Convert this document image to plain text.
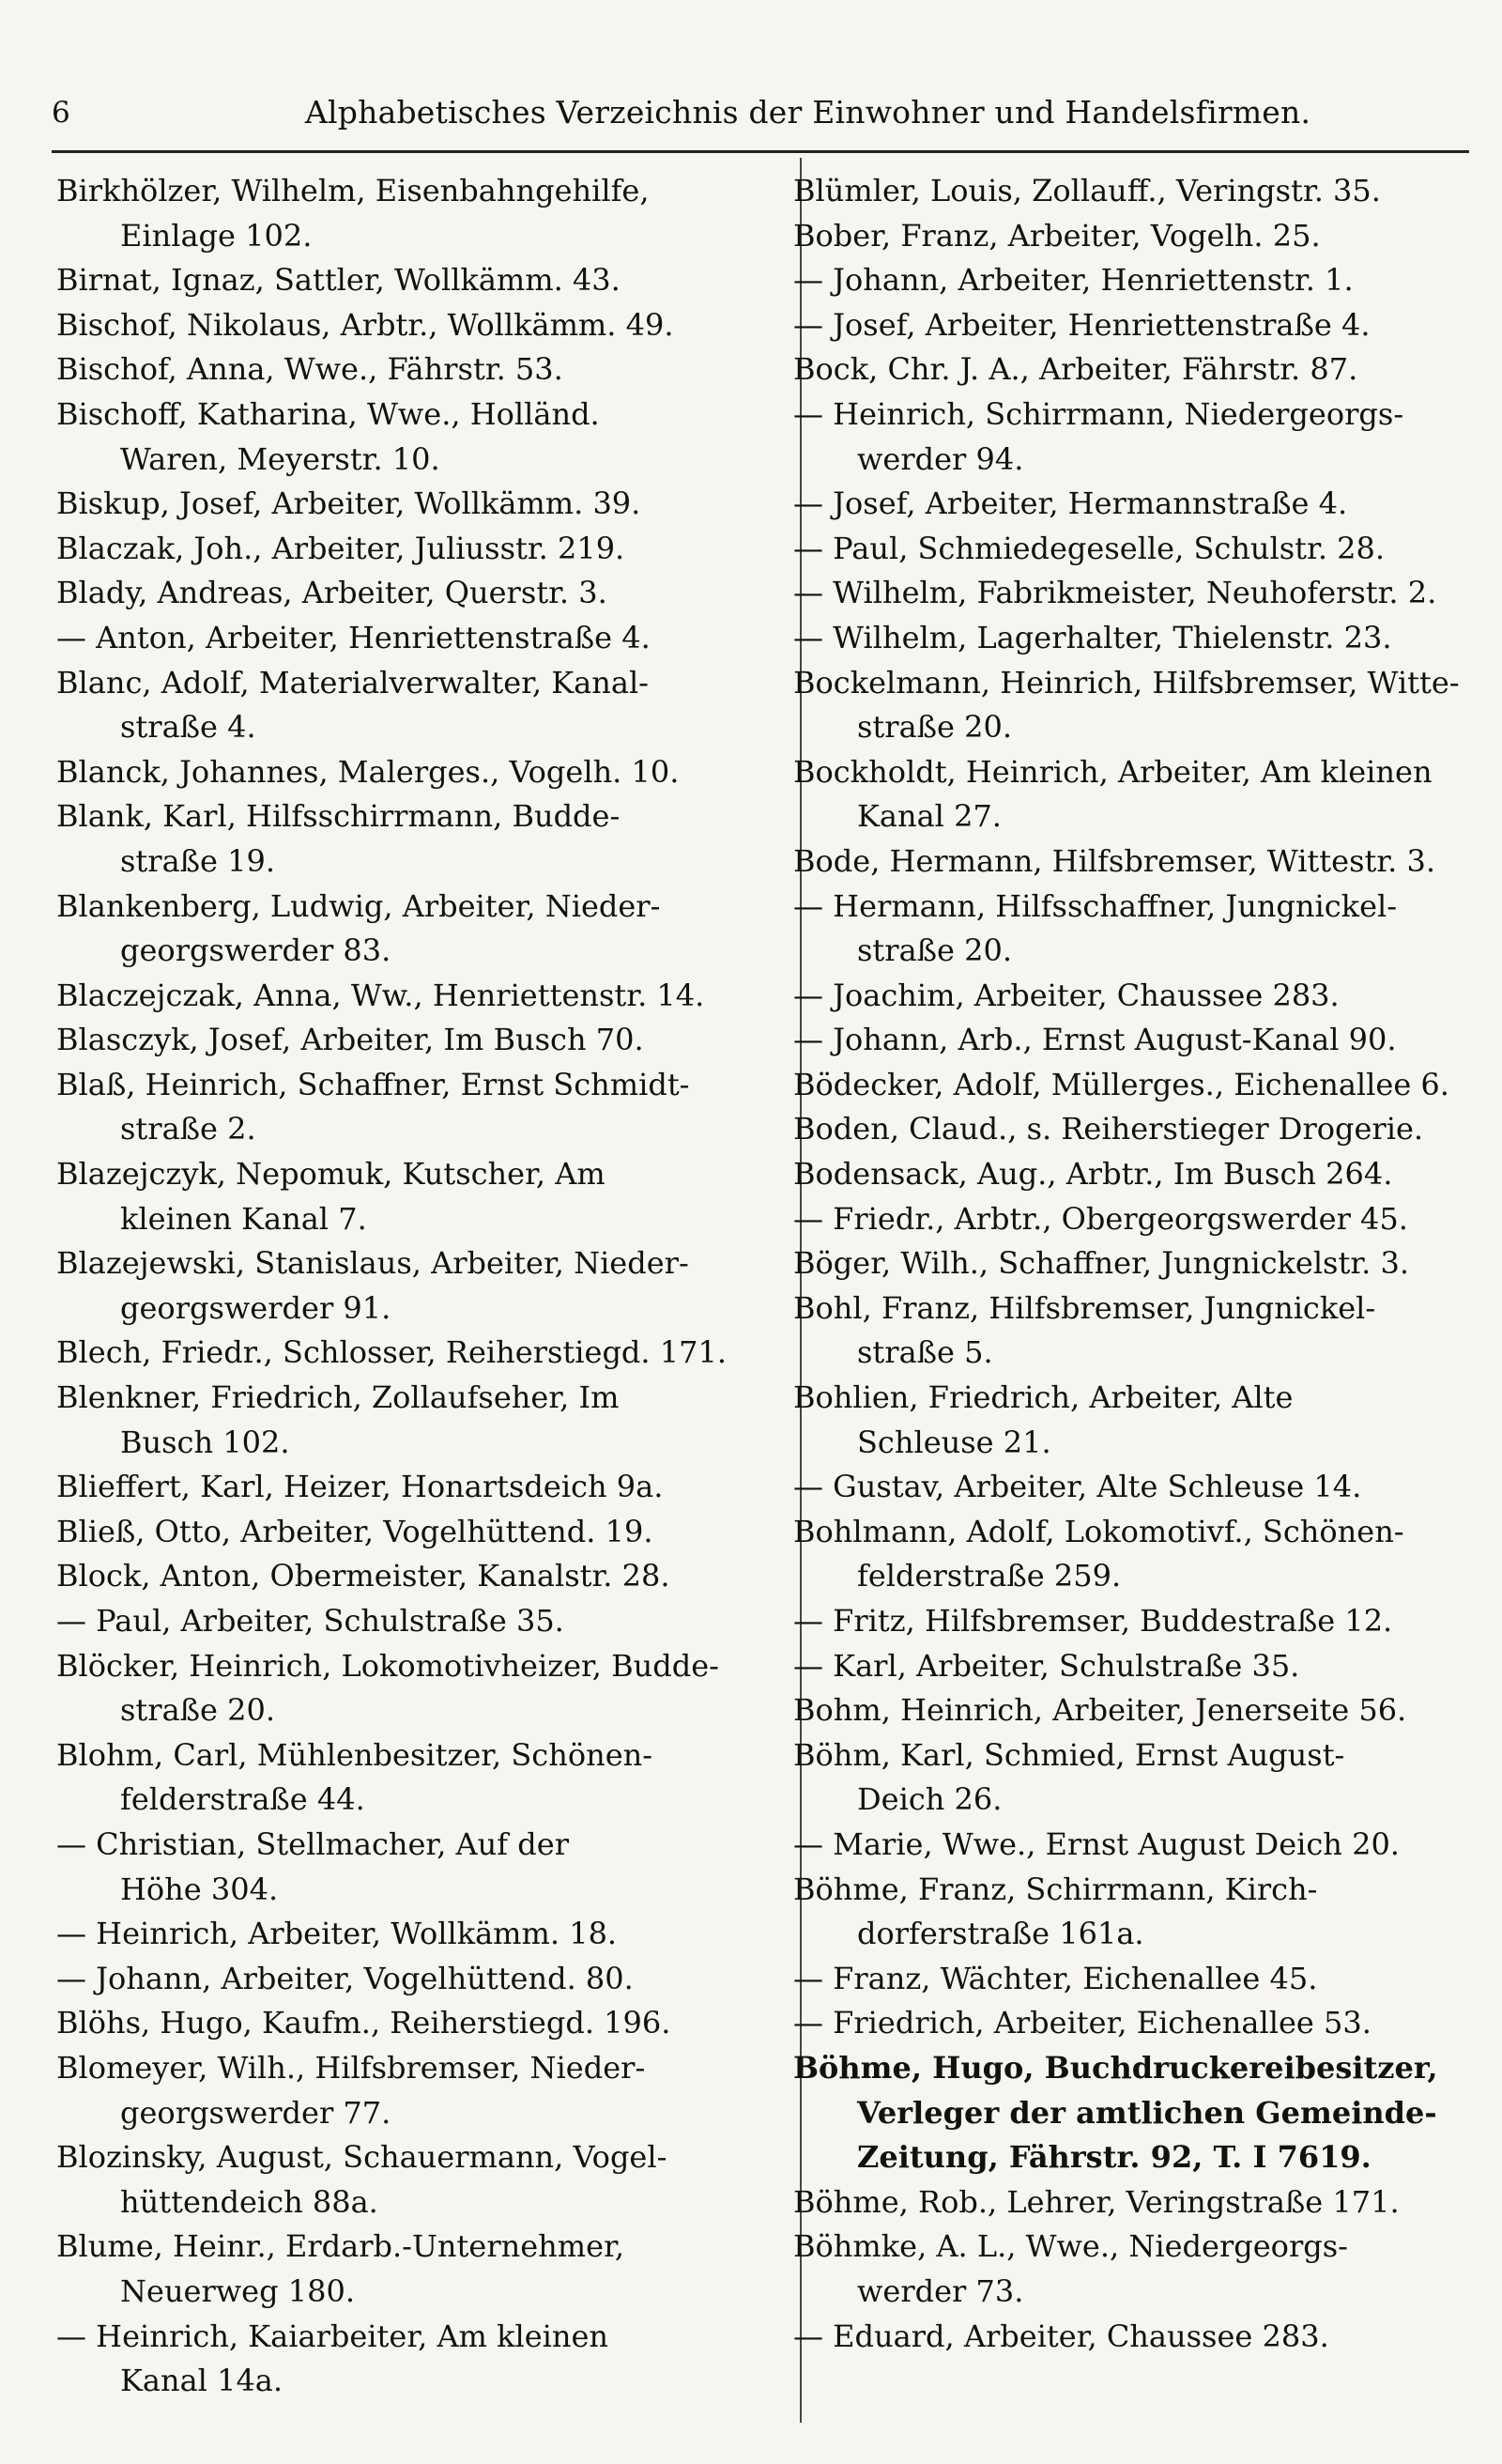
6	Alphabetisches Verzeichnis der Einwohner und Handelsfirmen.

Birkhölzer, Wilhelm, Eisenbahngehilfe,

Einlage 102.

Birnat, Ignaz, Sattler, Wollkämm. 43.

Bischof, Nikolaus, Arbtr., Wollkämm. 49.

Bischof, Anna, Wwe., Fährstr. 53.

Bischoff, Katharina, Wwe., Holländ.

Waren, Meyerstr. 10.

Biskup, Josef, Arbeiter, Wollkämm. 39.

Blaczak, Joh., Arbeiter, Juliusstr. 219.

Blady, Andreas, Arbeiter, Querstr. 3.

— Anton, Arbeiter, Henriettenstraße 4.

Blanc, Adolf, Materialverwalter, Kanal-

straße 4.

Blanck, Johannes, Malerges., Vogelh. 10.

Blank, Karl, Hilfsschirrmann, Budde-

straße 19.

Blankenberg, Ludwig, Arbeiter, Nieder-

georgswerder 83.

Blaczejczak, Anna, Ww., Henriettenstr. 14.

Blasczyk, Josef, Arbeiter, Im Busch 70.

Blaß, Heinrich, Schaffner, Ernst Schmidt-

straße 2.

Blazejczyk, Nepomuk, Kutscher, Am

kleinen Kanal 7.

Blazejewski, Stanislaus, Arbeiter, Nieder-

georgswerder 91.

Blech, Friedr., Schlosser, Reiherstiegd. 171.

Blenkner, Friedrich, Zollaufseher, Im

Busch 102.

Blieffert, Karl, Heizer, Honartsdeich 9a.

Bließ, Otto, Arbeiter, Vogelhüttend. 19.

Block, Anton, Obermeister, Kanalstr. 28.

— Paul, Arbeiter, Schulstraße 35.

Blöcker, Heinrich, Lokomotivheizer, Budde-

straße 20.

Blohm, Carl, Mühlenbesitzer, Schönen-

felderstraße 44.

— Christian, Stellmacher, Auf der

Höhe 304.

— Heinrich, Arbeiter, Wollkämm. 18.

— Johann, Arbeiter, Vogelhüttend. 80.

Blöhs, Hugo, Kaufm., Reiherstiegd. 196.

Blomeyer, Wilh., Hilfsbremser, Nieder-

georgswerder 77.

Blozinsky, August, Schauermann, Vogel-

hüttendeich 88a.

Blume, Heinr., Erdarb.-Unternehmer,

Neuerweg 180.

— Heinrich, Kaiarbeiter, Am kleinen

Kanal 14a.

Blümler, Louis, Zollauff., Veringstr. 35.

Bober, Franz, Arbeiter, Vogelh. 25.

— Johann, Arbeiter, Henriettenstr. 1.

— Josef, Arbeiter, Henriettenstraße 4.

Bock, Chr. J. A., Arbeiter, Fährstr. 87.

— Heinrich, Schirrmann, Niedergeorgs-

werder 94.

— Josef, Arbeiter, Hermannstraße 4.

— Paul, Schmiedegeselle, Schulstr. 28.

— Wilhelm, Fabrikmeister, Neuhoferstr. 2.

— Wilhelm, Lagerhalter, Thielenstr. 23.

Bockelmann, Heinrich, Hilfsbremser, Witte-

straße 20.

Bockholdt, Heinrich, Arbeiter, Am kleinen

Kanal 27.

Bode, Hermann, Hilfsbremser, Wittestr. 3.

— Hermann, Hilfsschaffner, Jungnickel-

straße 20.

— Joachim, Arbeiter, Chaussee 283.

— Johann, Arb., Ernst August-Kanal 90.

Bödecker, Adolf, Müllerges., Eichenallee 6.

Boden, Claud., s. Reiherstieger Drogerie.

Bodensack, Aug., Arbtr., Im Busch 264.

— Friedr., Arbtr., Obergeorgswerder 45.

Böger, Wilh., Schaffner, Jungnickelstr. 3.

Bohl, Franz, Hilfsbremser, Jungnickel-

straße 5.

Bohlien, Friedrich, Arbeiter, Alte

Schleuse 21.

— Gustav, Arbeiter, Alte Schleuse 14.

Bohlmann, Adolf, Lokomotivf., Schönen-

felderstraße 259.

— Fritz, Hilfsbremser, Buddestraße 12.

— Karl, Arbeiter, Schulstraße 35.

Bohm, Heinrich, Arbeiter, Jenerseite 56.

Böhm, Karl, Schmied, Ernst August-

Deich 26.

— Marie, Wwe., Ernst August Deich 20.

Böhme, Franz, Schirrmann, Kirch-

dorferstraße 161a.

— Franz, Wächter, Eichenallee 45.

— Friedrich, Arbeiter, Eichenallee 53.

Böhme, Hugo, Buchdruckereibesitzer,

Verleger der amtlichen Gemeinde-

Zeitung, Fährstr. 92, T. I 7619.

Böhme, Rob., Lehrer, Veringstraße 171.

Böhmke, A. L., Wwe., Niedergeorgs-

werder 73.

— Eduard, Arbeiter, Chaussee 283.
